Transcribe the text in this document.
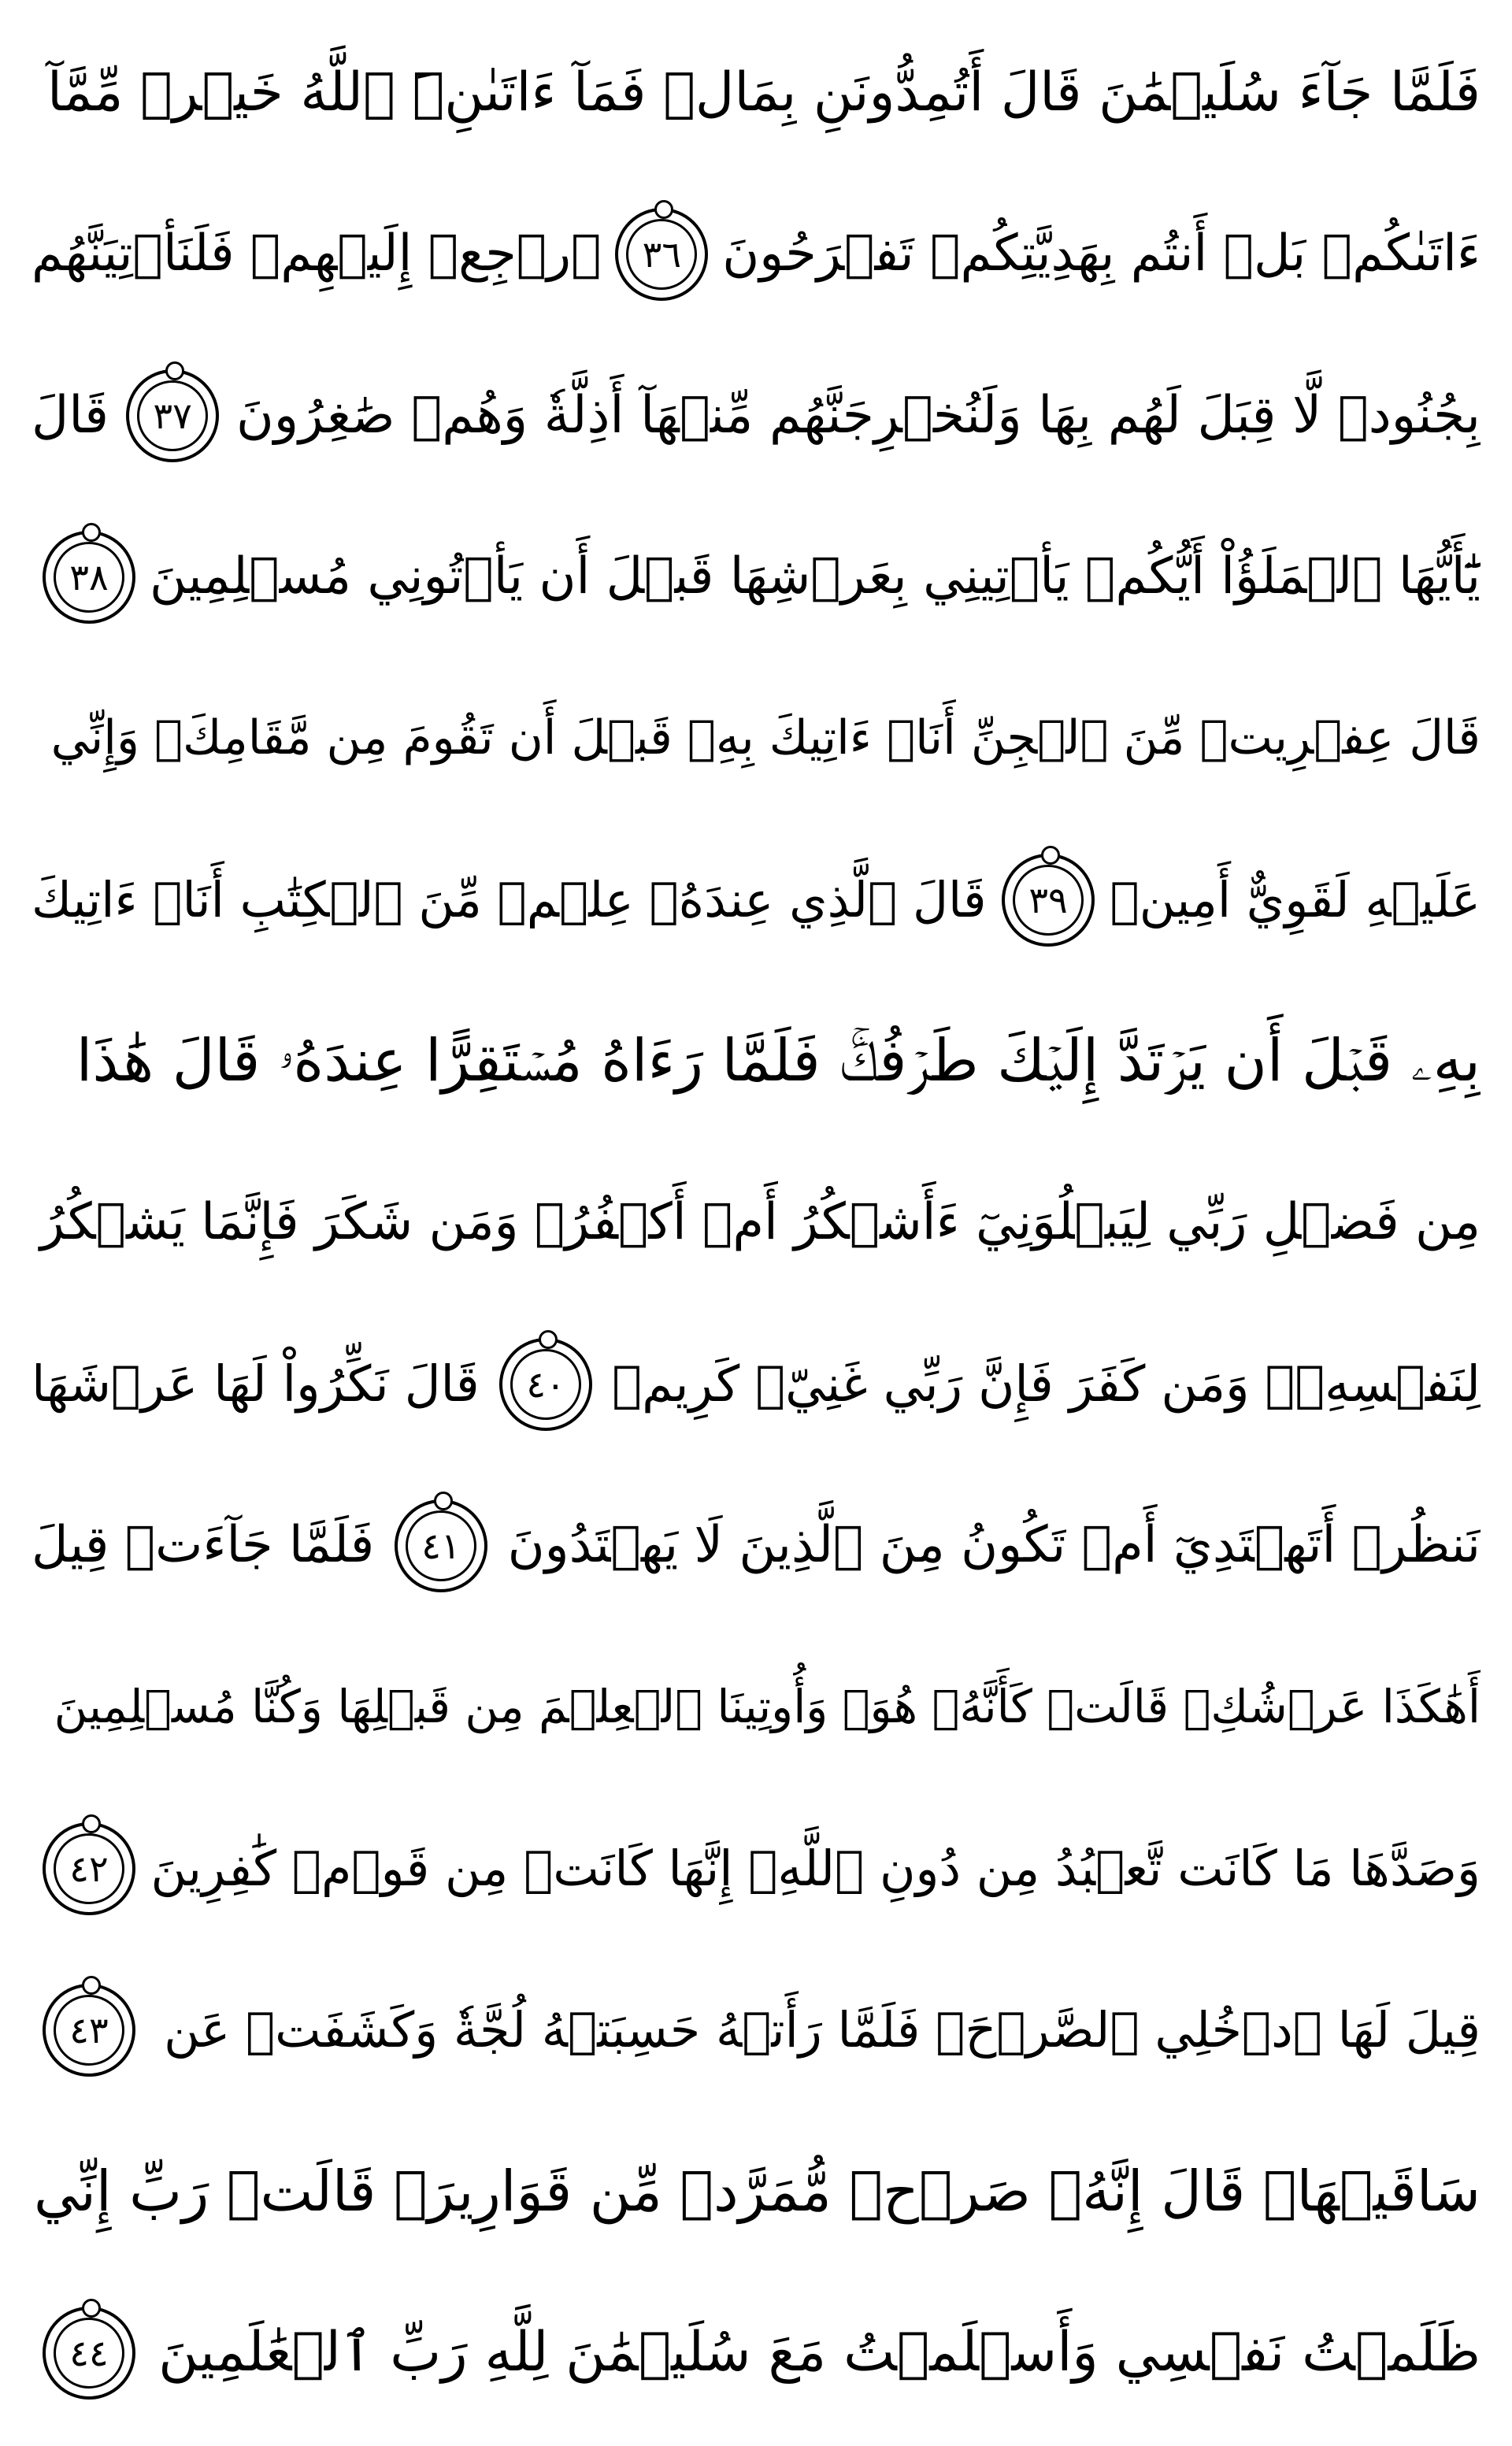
فَلَمَّا جَآءَ سُلَيۡمَٰنَ قَالَ أَتُمِدُّونَنِ بِمَالٖ فَمَآ ءَاتَىٰنِۦَ ٱللَّهُ خَيۡرٞ مِّمَّآ
ءَاتَىٰكُمۚ بَلۡ أَنتُم بِهَدِيَّتِكُمۡ تَفۡرَحُونَ
٣٦
ٱرۡجِعۡ إِلَيۡهِمۡ فَلَنَأۡتِيَنَّهُم
بِجُنُودٖ لَّا قِبَلَ لَهُم بِهَا وَلَنُخۡرِجَنَّهُم مِّنۡهَآ أَذِلَّةٗ وَهُمۡ صَٰغِرُونَ
٣٧
قَالَ
يَٰٓأَيُّهَا ٱلۡمَلَؤُاْ أَيُّكُمۡ يَأۡتِينِي بِعَرۡشِهَا قَبۡلَ أَن يَأۡتُونِي مُسۡلِمِينَ
٣٨
قَالَ عِفۡرِيتٞ مِّنَ ٱلۡجِنِّ أَنَا۠ ءَاتِيكَ بِهِۦ قَبۡلَ أَن تَقُومَ مِن مَّقَامِكَۖ وَإِنِّي
عَلَيۡهِ لَقَوِيٌّ أَمِينٞ
٣٩
قَالَ ٱلَّذِي عِندَهُۥ عِلۡمٞ مِّنَ ٱلۡكِتَٰبِ أَنَا۠ ءَاتِيكَ
بِهِۦ قَبۡلَ أَن يَرۡتَدَّ إِلَيۡكَ طَرۡفُكَۚ فَلَمَّا رَءَاهُ مُسۡتَقِرًّا عِندَهُۥ قَالَ هَٰذَا
مِن فَضۡلِ رَبِّي لِيَبۡلُوَنِيٓ ءَأَشۡكُرُ أَمۡ أَكۡفُرُۖ وَمَن شَكَرَ فَإِنَّمَا يَشۡكُرُ
لِنَفۡسِهِۦۖ وَمَن كَفَرَ فَإِنَّ رَبِّي غَنِيّٞ كَرِيمٞ
٤٠
قَالَ نَكِّرُواْ لَهَا عَرۡشَهَا
نَنظُرۡ أَتَهۡتَدِيٓ أَمۡ تَكُونُ مِنَ ٱلَّذِينَ لَا يَهۡتَدُونَ
٤١
فَلَمَّا جَآءَتۡ قِيلَ
أَهَٰكَذَا عَرۡشُكِۖ قَالَتۡ كَأَنَّهُۥ هُوَۚ وَأُوتِينَا ٱلۡعِلۡمَ مِن قَبۡلِهَا وَكُنَّا مُسۡلِمِينَ
وَصَدَّهَا مَا كَانَت تَّعۡبُدُ مِن دُونِ ٱللَّهِۖ إِنَّهَا كَانَتۡ مِن قَوۡمٖ كَٰفِرِينَ
٤٢
قِيلَ لَهَا ٱدۡخُلِي ٱلصَّرۡحَۖ فَلَمَّا رَأَتۡهُ حَسِبَتۡهُ لُجَّةٗ وَكَشَفَتۡ عَن
٤٣
سَاقَيۡهَاۚ قَالَ إِنَّهُۥ صَرۡحٞ مُّمَرَّدٞ مِّن قَوَارِيرَۗ قَالَتۡ رَبِّ إِنِّي
ظَلَمۡتُ نَفۡسِي وَأَسۡلَمۡتُ مَعَ سُلَيۡمَٰنَ لِلَّهِ رَبِّ ٱلۡعَٰلَمِينَ
٤٤
